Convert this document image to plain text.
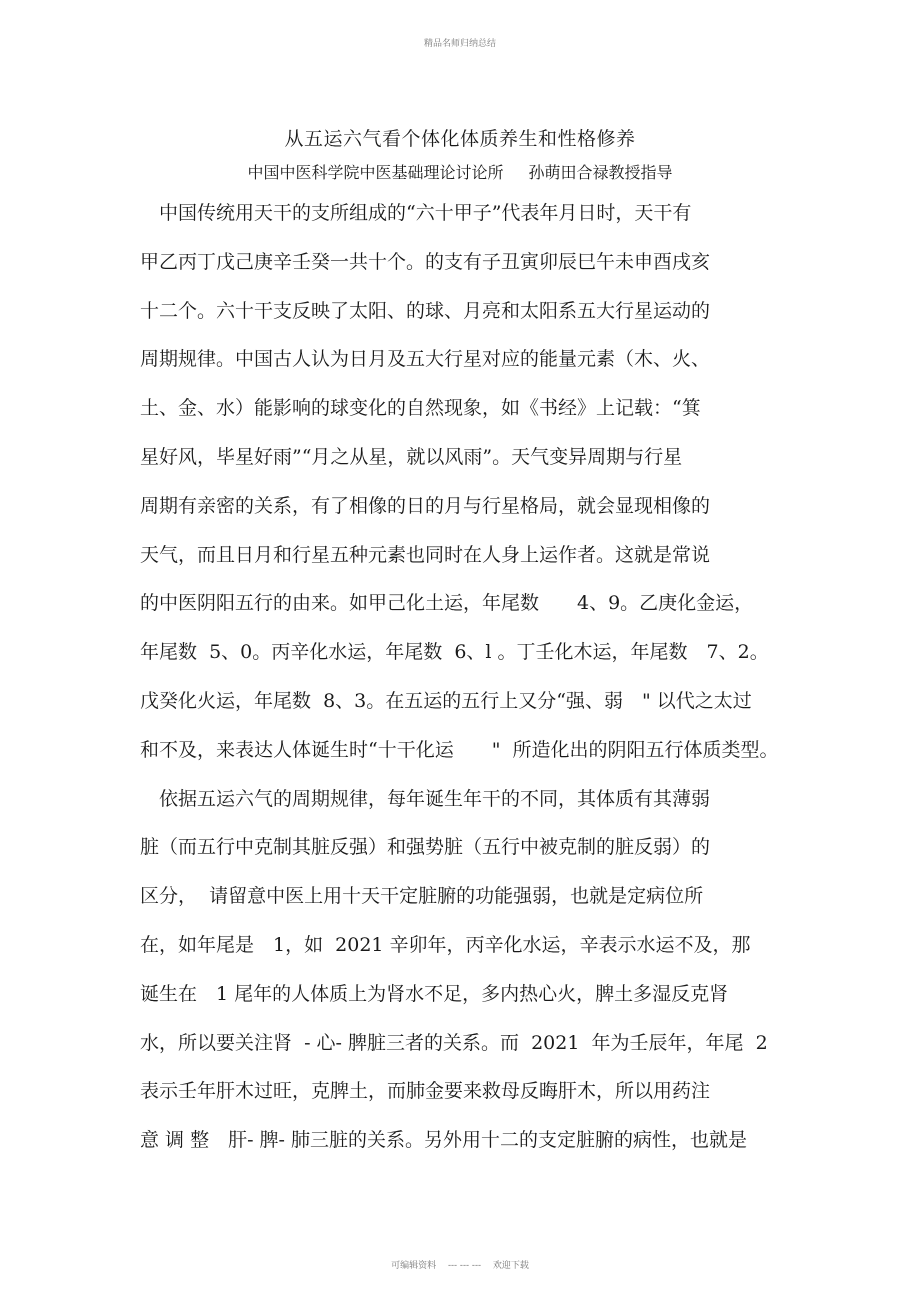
精品名师归纳总结
从五运六气看个体化体质养生和性格修养
中国中医科学院中医基础理论讨论所　 孙萌田合禄教授指导
　中国传统用天干的支所组成的“六十甲子”代表年月日时，天干有
甲乙丙丁戊己庚辛壬癸一共十个。的支有子丑寅卯辰巳午未申酉戌亥
十二个。六十干支反映了太阳、的球、月亮和太阳系五大行星运动的
周期规律。中国古人认为日月及五大行星对应的能量元素（木、火、
土、金、水）能影响的球变化的自然现象，如《书经》上记载：“箕
星好风，毕星好雨”“月之从星，就以风雨”。天气变异周期与行星
周期有亲密的关系，有了相像的日的月与行星格局，就会显现相像的
天气，而且日月和行星五种元素也同时在人身上运作者。这就是常说
的中医阴阳五行的由来。如甲己化土运，年尾数　　4、9。乙庚化金运，
年尾数  5、0。丙辛化水运，年尾数  6、l 。丁壬化木运，年尾数　7、2。
戊癸化火运，年尾数  8、3。在五运的五行上又分“强、弱　" 以代之太过
和不及，来表达人体诞生时“十干化运　　"  所造化出的阴阳五行体质类型。
　依据五运六气的周期规律，每年诞生年干的不同，其体质有其薄弱
脏（而五行中克制其脏反强）和强势脏（五行中被克制的脏反弱）的
区分，  请留意中医上用十天干定脏腑的功能强弱，也就是定病位所
在，如年尾是　1，如  2021 辛卯年，丙辛化水运，辛表示水运不及，那
诞生在　1 尾年的人体质上为肾水不足，多内热心火，脾土多湿反克肾
水，所以要关注肾  - 心- 脾脏三者的关系。而  2021  年为壬辰年，年尾  2
表示壬年肝木过旺，克脾土，而肺金要来救母反晦肝木，所以用药注
意 调 整　肝- 脾- 肺三脏的关系。另外用十二的支定脏腑的病性，也就是
可编辑资料　 --- --- ---　 欢迎下载
